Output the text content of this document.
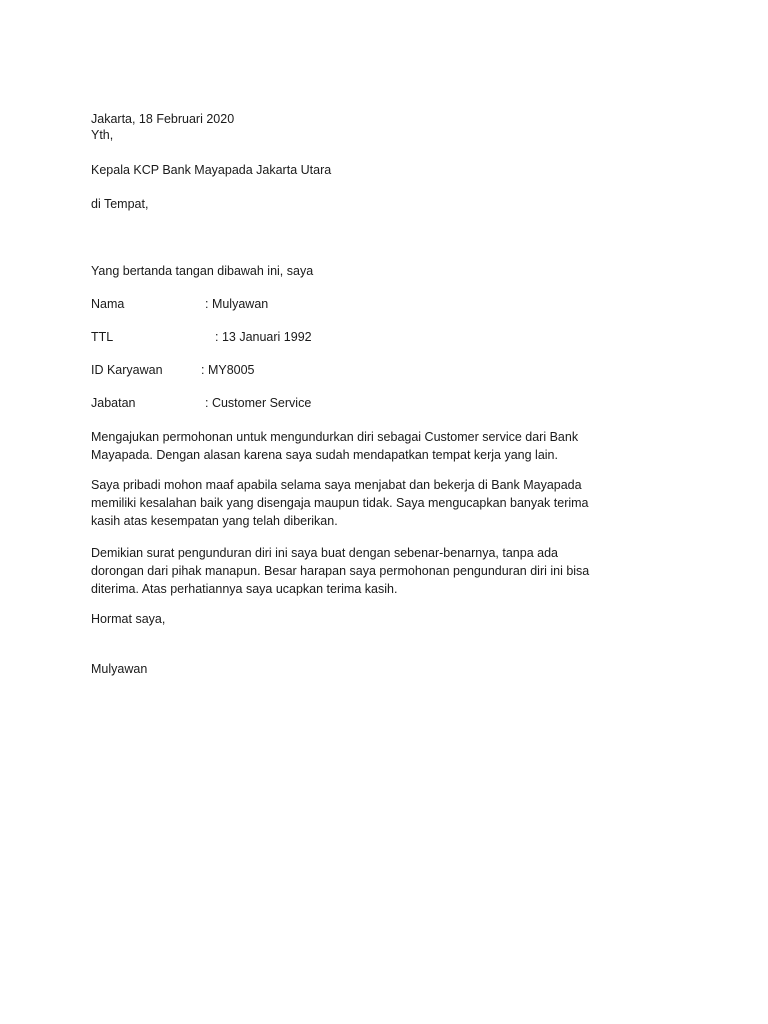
Jakarta, 18 Februari 2020
Yth,
Kepala KCP Bank Mayapada Jakarta Utara
di Tempat,
Yang bertanda tangan dibawah ini, saya
Nama	: Mulyawan
TTL	: 13 Januari 1992
ID Karyawan	: MY8005
Jabatan	: Customer Service
Mengajukan permohonan untuk mengundurkan diri sebagai Customer service dari Bank
Mayapada. Dengan alasan karena saya sudah mendapatkan tempat kerja yang lain.
Saya pribadi mohon maaf apabila selama saya menjabat dan bekerja di Bank Mayapada
memiliki kesalahan baik yang disengaja maupun tidak. Saya mengucapkan banyak terima
kasih atas kesempatan yang telah diberikan.
Demikian surat pengunduran diri ini saya buat dengan sebenar-benarnya, tanpa ada
dorongan dari pihak manapun. Besar harapan saya permohonan pengunduran diri ini bisa
diterima. Atas perhatiannya saya ucapkan terima kasih.
Hormat saya,
Mulyawan
